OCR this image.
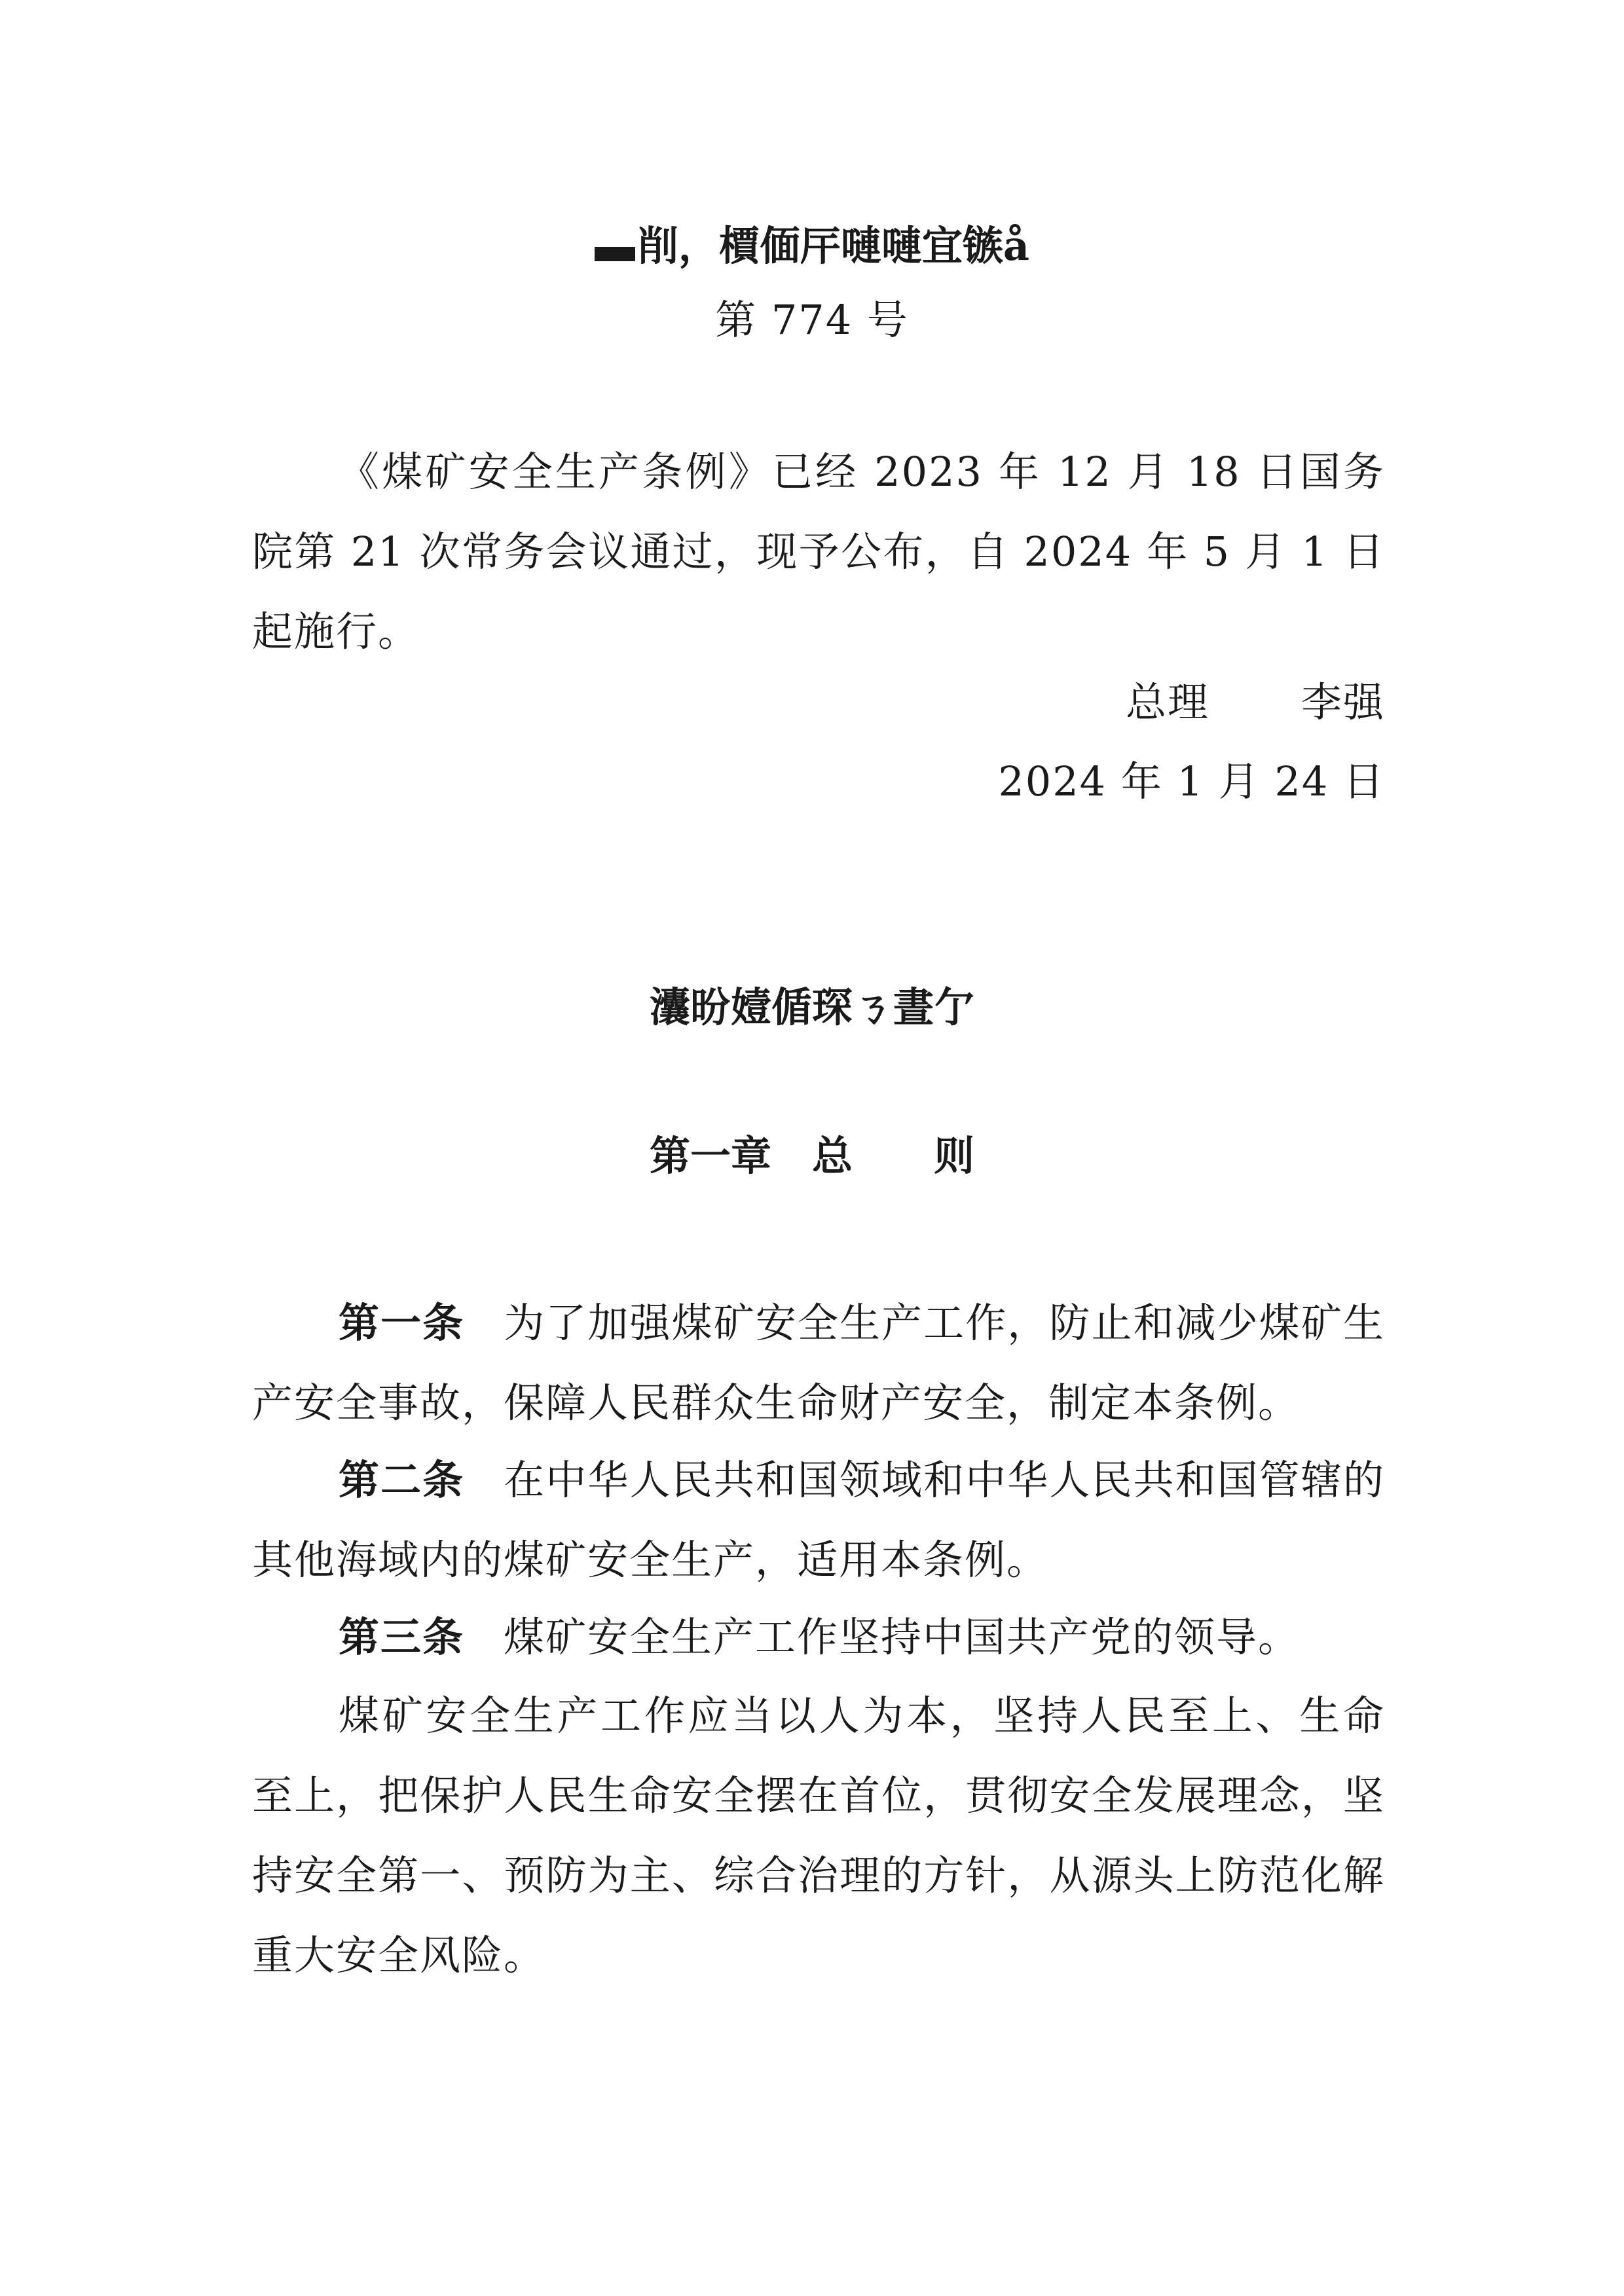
削，檟偭厈嗹嗹宜镞å
第 774 号

《煤矿安全生产条例》已经 2023 年 12 月 18 日国务院第 21 次常务会议通过，现予公布，自 2024 年 5 月 1 日起施行。

总理 李强
2024 年 1 月 24 日
灢昐嬄偱琛ㄋ晝亇
第一章 总 则

第一条 为了加强煤矿安全生产工作，防止和减少煤矿生产安全事故，保障人民群众生命财产安全，制定本条例。

第二条 在中华人民共和国领域和中华人民共和国管辖的其他海域内的煤矿安全生产，适用本条例。

第三条 煤矿安全生产工作坚持中国共产党的领导。

煤矿安全生产工作应当以人为本，坚持人民至上、生命至上，把保护人民生命安全摆在首位，贯彻安全发展理念，坚持安全第一、预防为主、综合治理的方针，从源头上防范化解重大安全风险。
